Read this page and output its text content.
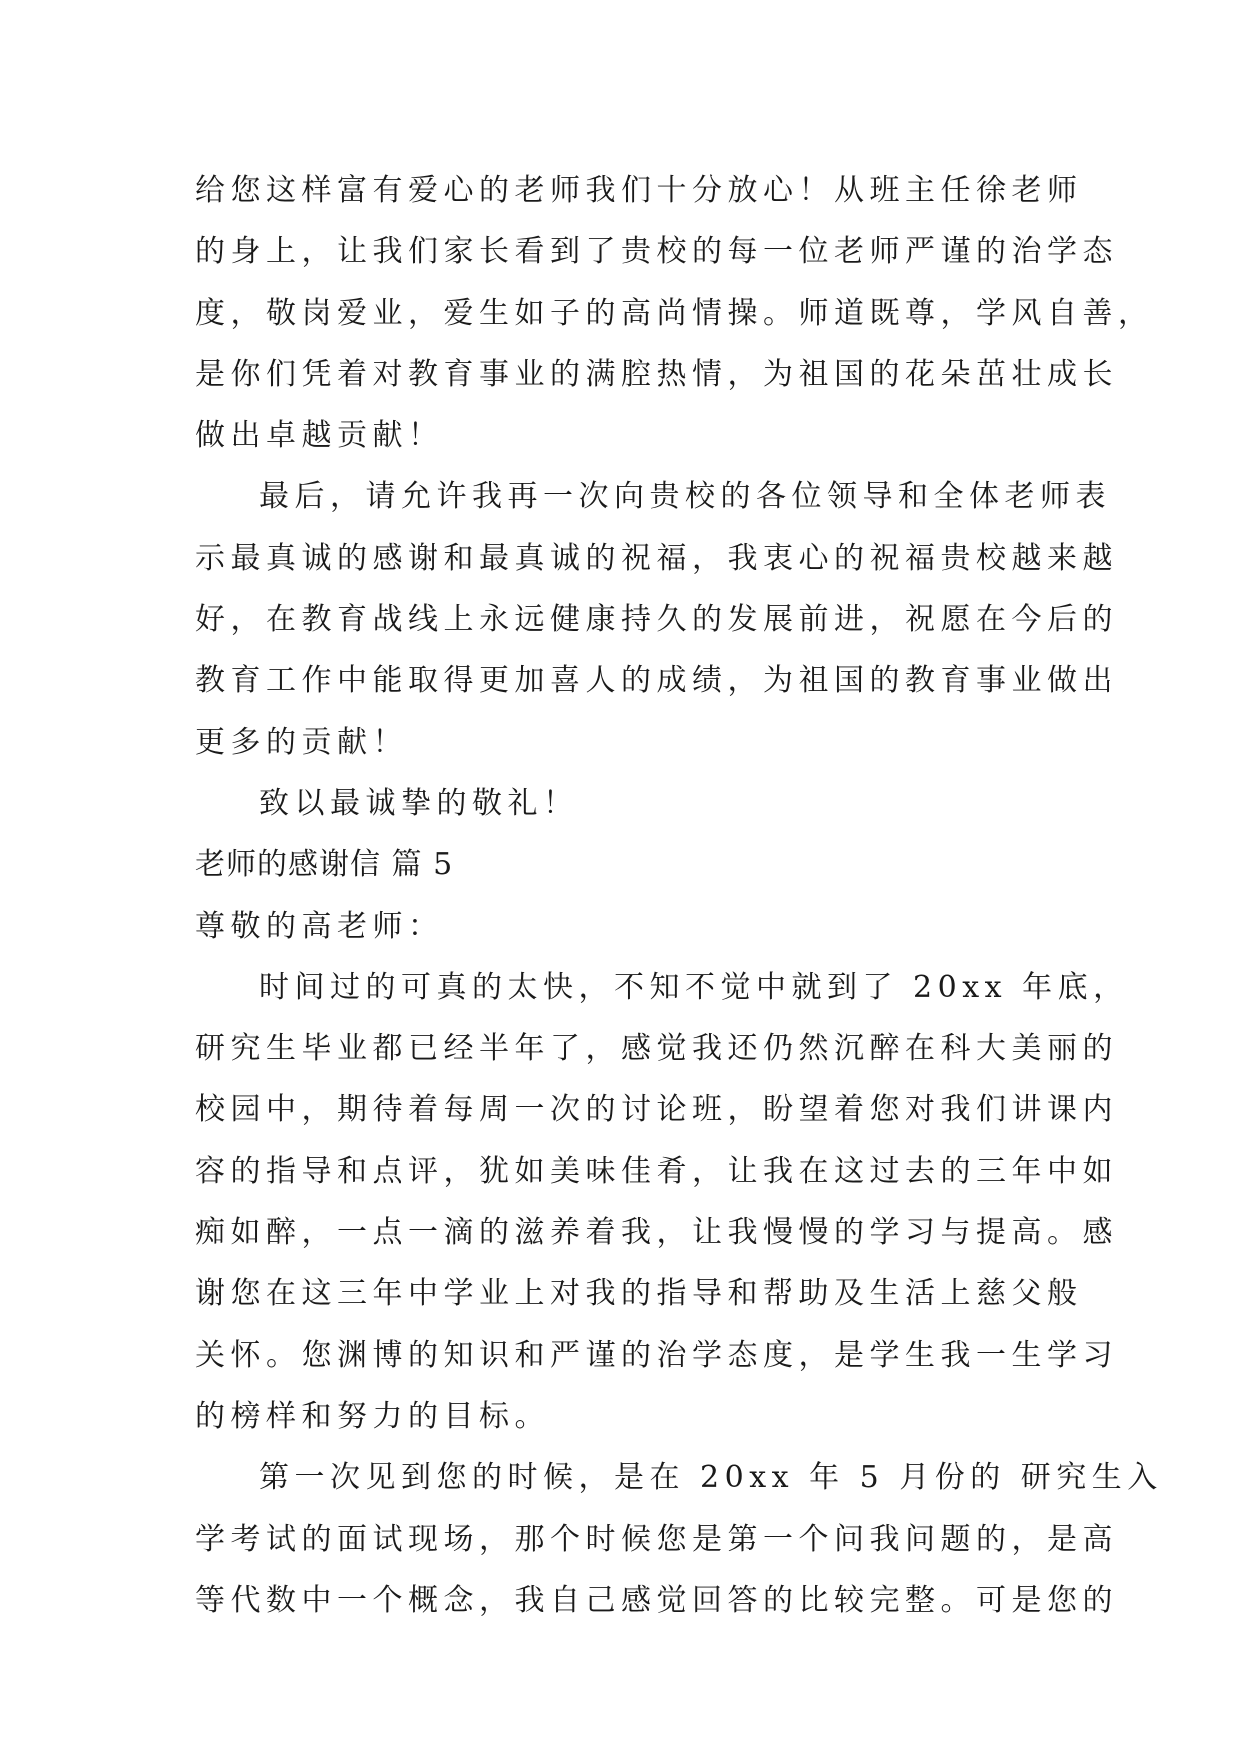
给您这样富有爱心的老师我们十分放心！从班主任徐老师
的身上，让我们家长看到了贵校的每一位老师严谨的治学态
度，敬岗爱业，爱生如子的高尚情操。师道既尊，学风自善，
是你们凭着对教育事业的满腔热情，为祖国的花朵茁壮成长
做出卓越贡献！
最后，请允许我再一次向贵校的各位领导和全体老师表
示最真诚的感谢和最真诚的祝福，我衷心的祝福贵校越来越
好，在教育战线上永远健康持久的发展前进，祝愿在今后的
教育工作中能取得更加喜人的成绩，为祖国的教育事业做出
更多的贡献！
致以最诚挚的敬礼！
老师的感谢信 篇 5
尊敬的高老师：
时间过的可真的太快，不知不觉中就到了 20xx 年底，
研究生毕业都已经半年了，感觉我还仍然沉醉在科大美丽的
校园中，期待着每周一次的讨论班，盼望着您对我们讲课内
容的指导和点评，犹如美味佳肴，让我在这过去的三年中如
痴如醉，一点一滴的滋养着我，让我慢慢的学习与提高。感
谢您在这三年中学业上对我的指导和帮助及生活上慈父般
关怀。您渊博的知识和严谨的治学态度，是学生我一生学习
的榜样和努力的目标。
第一次见到您的时候，是在 20xx 年 5 月份的 研究生入
学考试的面试现场，那个时候您是第一个问我问题的，是高
等代数中一个概念，我自己感觉回答的比较完整。可是您的
